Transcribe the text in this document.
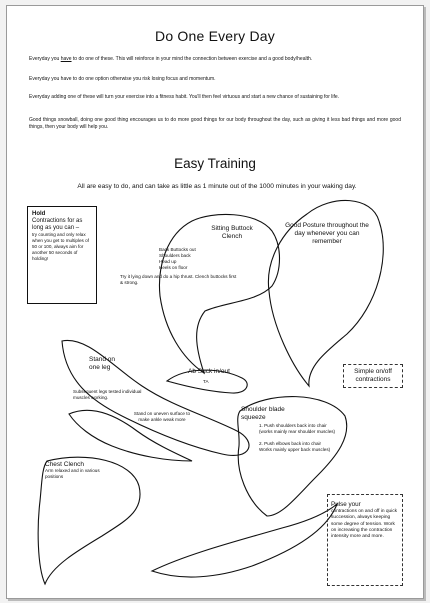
Do One Every Day
Everyday you have to do one of these. This will reinforce in your mind the connection between exercise and a good body/health.
Everyday you have to do one option otherwise you risk losing focus and momentum.
Everyday adding one of these will turn your exercise into a fitness habit. You'll then feel virtuous and start a new chance of sustaining for life.
Good things snowball, doing one good thing encourages us to do more good things for our body throughout the day, such as giving it less bad things and more good things, then your body will help you.
Easy Training
All are easy to do, and can take as little as 1 minute out of the 1000 minutes in your waking day.
Hold
Contractions for as long as you can –
try counting and only relax when you get to multiples of 50 or 100, always aim for another 50 seconds of holding!
Sitting Buttock Clench
Back Buttocks out
Shoulders back
Head up
Heels on floor
Try it lying down and do a hip thrust. Clench buttocks first & strong.
Good Posture throughout the day whenever you can remember
Stand on one leg
Subsequent legs tested individual muscles working.
Stand on uneven surface to make ankle weak more
Ab Suck in/out
TA
Simple on/off contractions
Shoulder blade squeeze
1. Push shoulders back into chair
(works mainly rear shoulder muscles)
2. Push elbows back into chair
Works mainly upper back muscles)
Chest Clench
Arm relaxed and in various positions
Pulse your
contractions on and off in quick succession, always keeping some degree of tension. Work on increasing the contraction intensity more and more.
